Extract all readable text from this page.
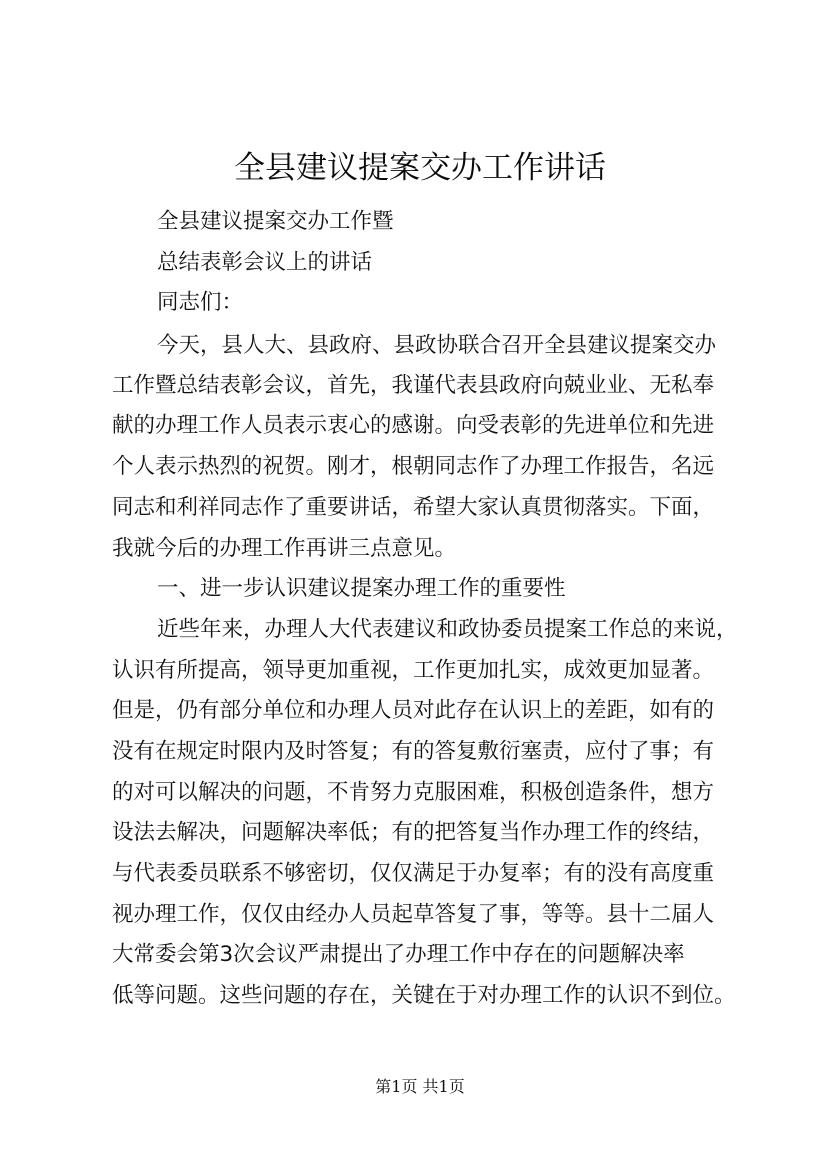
全县建议提案交办工作讲话
全县建议提案交办工作暨
总结表彰会议上的讲话
同志们：
今天，县人大、县政府、县政协联合召开全县建议提案交办
工作暨总结表彰会议，首先，我谨代表县政府向兢业业、无私奉
献的办理工作人员表示衷心的感谢。向受表彰的先进单位和先进
个人表示热烈的祝贺。刚才，根朝同志作了办理工作报告，名远
同志和利祥同志作了重要讲话，希望大家认真贯彻落实。下面，
我就今后的办理工作再讲三点意见。
一、进一步认识建议提案办理工作的重要性
近些年来，办理人大代表建议和政协委员提案工作总的来说，
认识有所提高，领导更加重视，工作更加扎实，成效更加显著。
但是，仍有部分单位和办理人员对此存在认识上的差距，如有的
没有在规定时限内及时答复；有的答复敷衍塞责，应付了事；有
的对可以解决的问题，不肯努力克服困难，积极创造条件，想方
设法去解决，问题解决率低；有的把答复当作办理工作的终结，
与代表委员联系不够密切，仅仅满足于办复率；有的没有高度重
视办理工作，仅仅由经办人员起草答复了事，等等。县十二届人
大常委会第3次会议严肃提出了办理工作中存在的问题解决率
低等问题。这些问题的存在，关键在于对办理工作的认识不到位。
第1页 共1页
